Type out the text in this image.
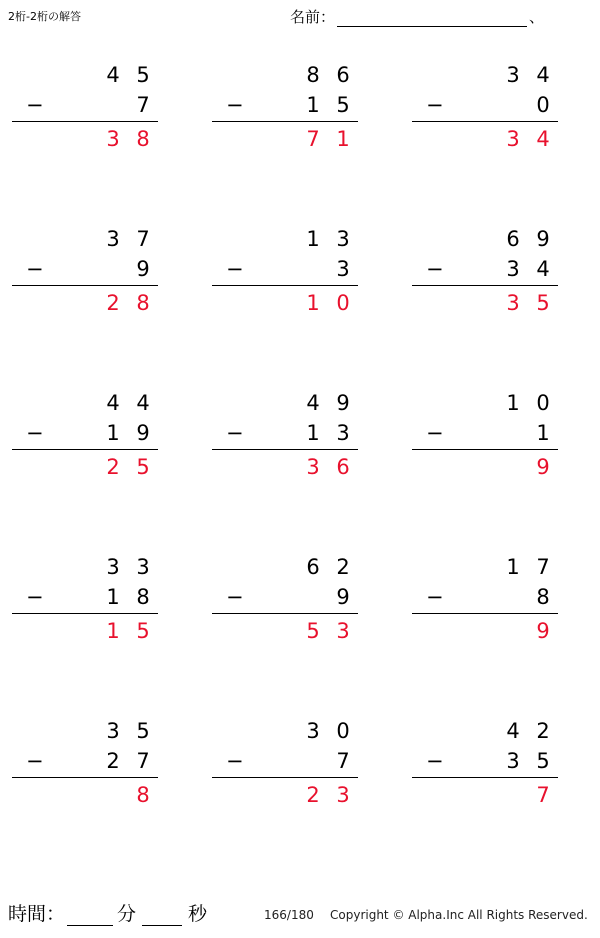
2桁-2桁の解答	名前：	、
4 5
−	7
3 8
8 6
−	1 5
7 1
3 4
−	0
3 4
3 7
−	9
2 8
1 3
−	3
1 0
6 9
−	3 4
3 5
4 4
−	1 9
2 5
4 9
−	1 3
3 6
1 0
−	1
9
3 3
−	1 8
1 5
6 2
−	9
5 3
1 7
−	8
9
3 5
−	2 7
8
3 0
−	7
2 3
4 2
−	3 5
7
時間：	分	秒	166/180 Copyright © Alpha.Inc All Rights Reserved.
